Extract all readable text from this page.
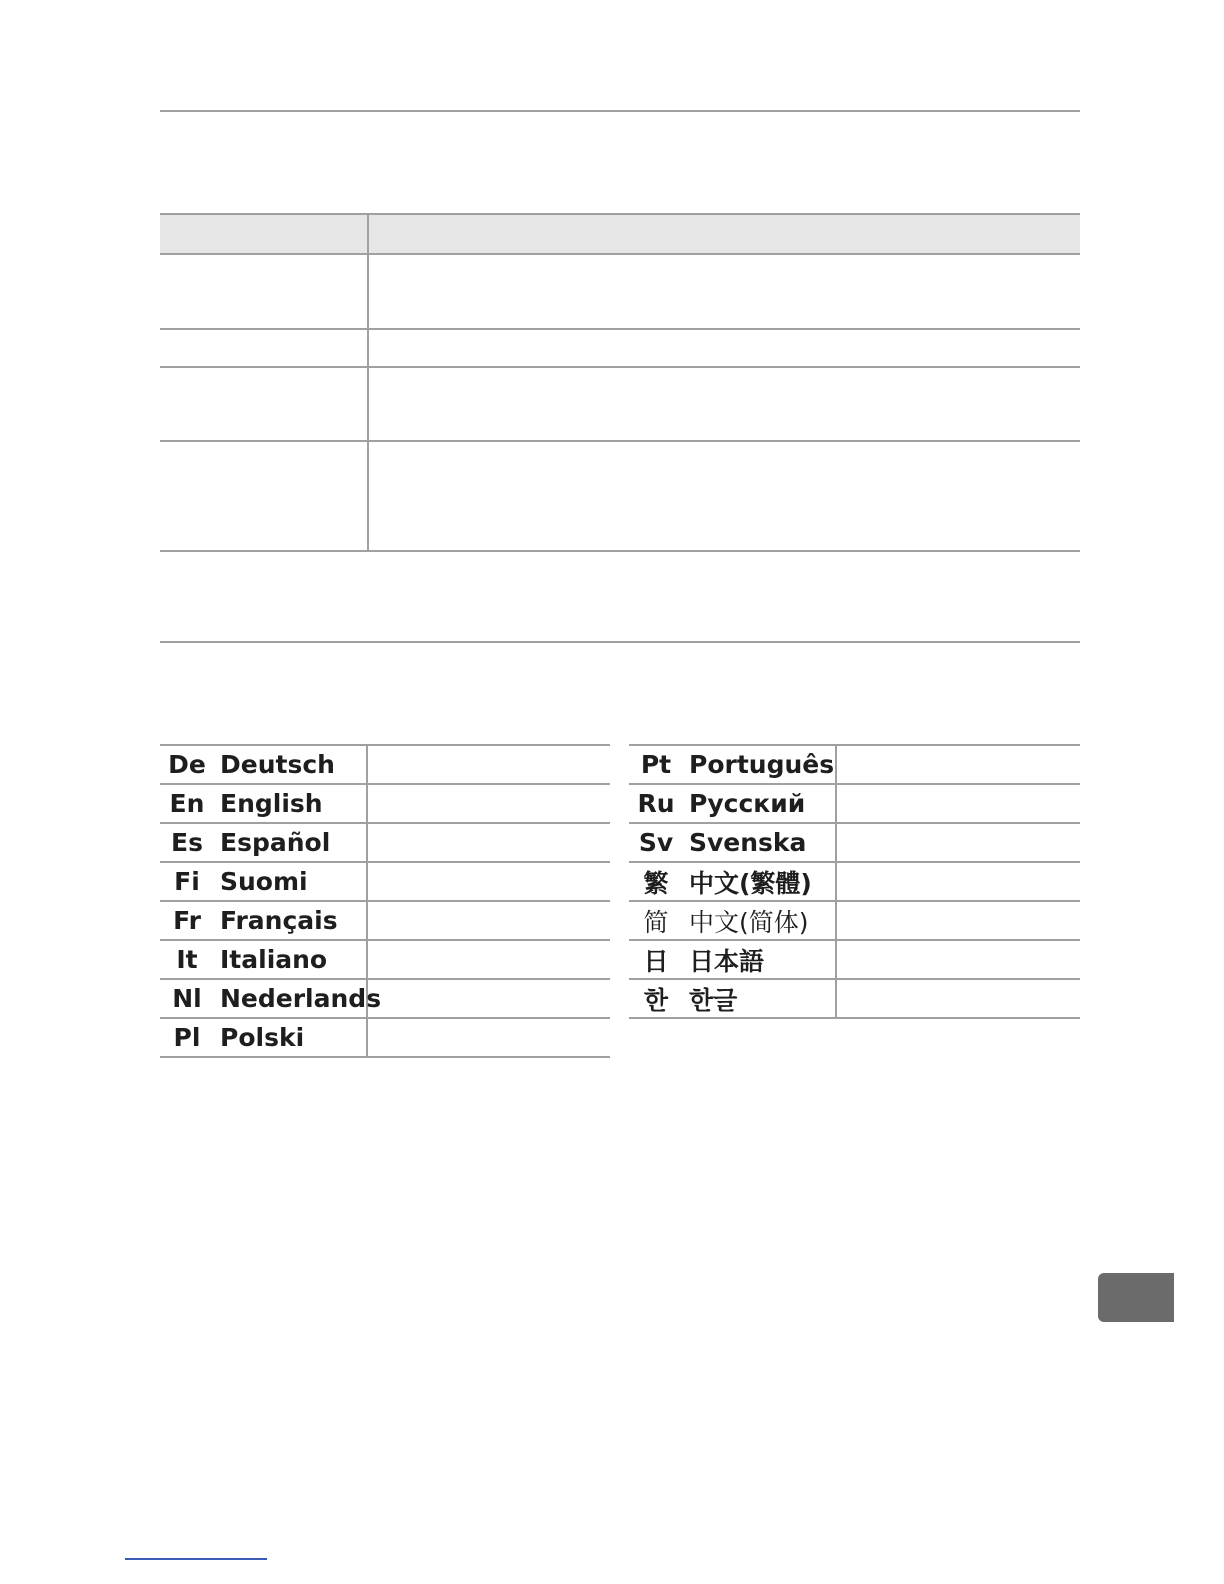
De	Deutsch	
En	English	
Es	Español	
Fi	Suomi	
Fr	Français	
It	Italiano	
Nl	Nederlands	
Pl	Polski	
Pt	Português	
Ru	Русский	
Sv	Svenska	
繁	中文(繁體)	
简	中文(简体)	
日	日本語	
한	한글	
